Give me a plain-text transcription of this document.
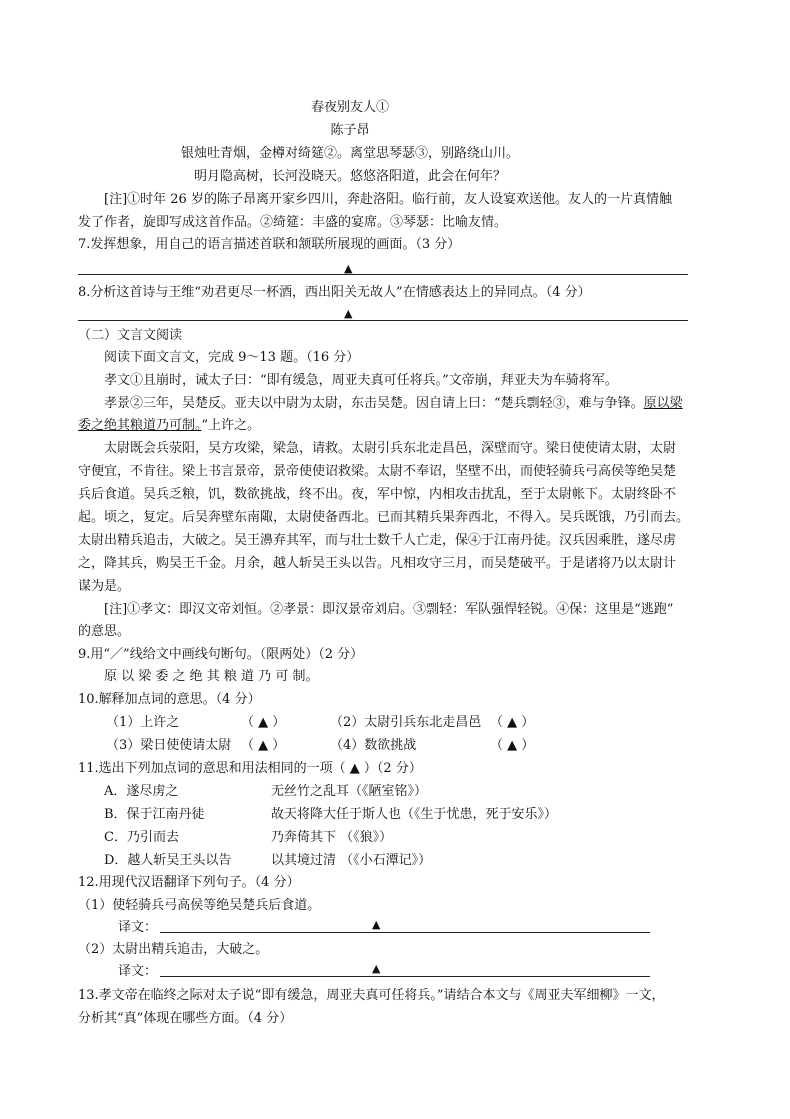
春夜别友人①
陈子昂
银烛吐青烟，金樽对绮筵②。离堂思琴瑟③，别路绕山川。
明月隐高树，长河没晓天。悠悠洛阳道，此会在何年？
[注]①时年 26 岁的陈子昂离开家乡四川，奔赴洛阳。临行前，友人设宴欢送他。友人的一片真情触
发了作者，旋即写成这首作品。②绮筵：丰盛的宴席。③琴瑟：比喻友情。
7.发挥想象，用自己的语言描述首联和颔联所展现的画面。（3 分）
▲
8.分析这首诗与王维“劝君更尽一杯酒，西出阳关无故人”在情感表达上的异同点。（4 分）
▲
（二）文言文阅读
阅读下面文言文，完成 9～13 题。（16 分）
孝文①且崩时，诫太子曰：“即有缓急，周亚夫真可任将兵。”文帝崩，拜亚夫为车骑将军。
孝景②三年，吴楚反。亚夫以中尉为太尉，东击吴楚。因自请上曰：“楚兵剽轻③，难与争锋。原以梁
委之绝其粮道乃可制。”上许之。
太尉既会兵荥阳，吴方攻梁，梁急，请救。太尉引兵东北走昌邑，深壁而守。梁日使使请太尉，太尉
守便宜，不肯往。梁上书言景帝，景帝使使诏救梁。太尉不奉诏，坚壁不出，而使轻骑兵弓高侯等绝吴楚
兵后食道。吴兵乏粮，饥，数欲挑战，终不出。夜，军中惊，内相攻击扰乱，至于太尉帐下。太尉终卧不
起。顷之，复定。后吴奔壁东南陬，太尉使备西北。已而其精兵果奔西北，不得入。吴兵既饿，乃引而去。
太尉出精兵追击，大破之。吴王濞弃其军，而与壮士数千人亡走，保④于江南丹徒。汉兵因乘胜，遂尽虏
之，降其兵，购吴王千金。月余，越人斩吴王头以告。凡相攻守三月，而吴楚破平。于是诸将乃以太尉计
谋为是。
[注]①孝文：即汉文帝刘恒。②孝景：即汉景帝刘启。③剽轻：军队强悍轻锐。④保：这里是“逃跑”
的意思。
9.用“／”线给文中画线句断句。（限两处）（2 分）
原 以 梁 委 之 绝 其 粮 道 乃 可 制。
10.解释加点词的意思。（4 分）
（1）上许之	（ ▲ ）	（2）太尉引兵东北走昌邑 （ ▲ ）
（3）梁日使使请太尉 （ ▲ ）	（4）数欲挑战	（ ▲ ）
11.选出下列加点词的意思和用法相同的一项（ ▲ ）（2 分）
A．遂尽虏之	无丝竹之乱耳（《陋室铭》）
B．保于江南丹徒	故天将降大任于斯人也（《生于忧患，死于安乐》）
C．乃引而去	乃奔倚其下 （《狼》）
D．越人斩吴王头以告	以其境过清 （《小石潭记》）
12.用现代汉语翻译下列句子。（4 分）
（1）使轻骑兵弓高侯等绝吴楚兵后食道。
译文：	▲
（2）太尉出精兵追击，大破之。
译文：	▲
13.孝文帝在临终之际对太子说“即有缓急，周亚夫真可任将兵。”请结合本文与《周亚夫军细柳》一文，
分析其“真”体现在哪些方面。（4 分）
